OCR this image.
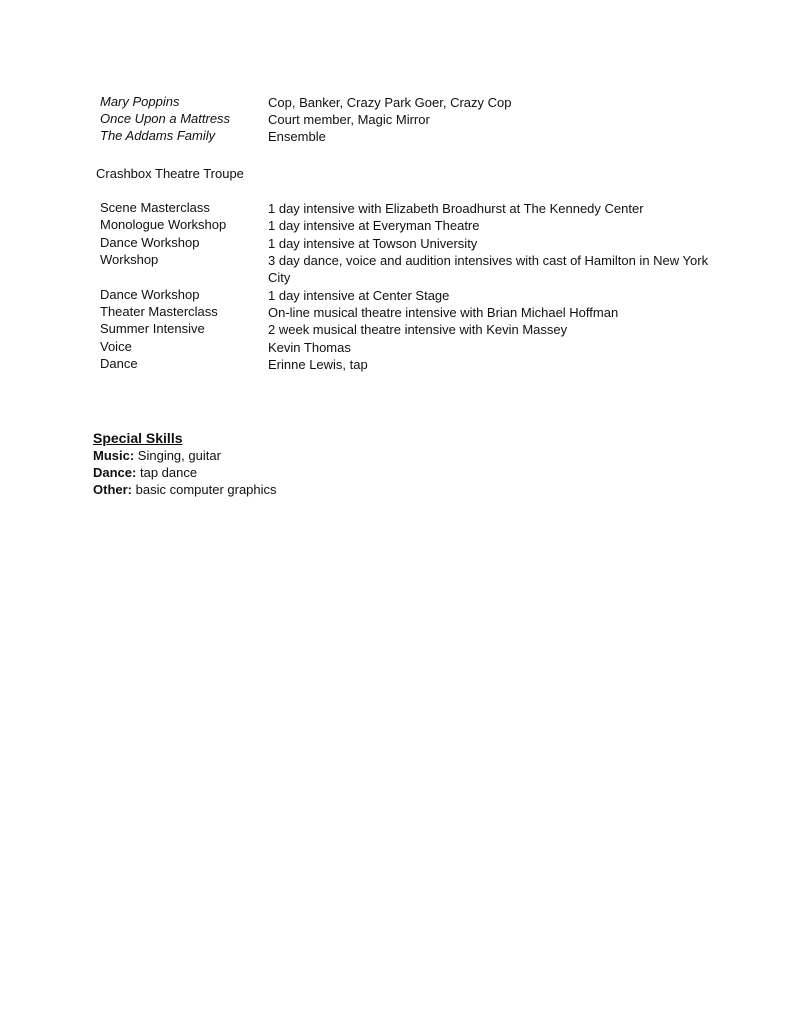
Mary Poppins	Cop, Banker, Crazy Park Goer, Crazy Cop
Once Upon a Mattress	Court member, Magic Mirror
The Addams Family	Ensemble
Crashbox Theatre Troupe
Scene Masterclass	1 day intensive with Elizabeth Broadhurst at The Kennedy Center
Monologue Workshop	1 day intensive at Everyman Theatre
Dance Workshop	1 day intensive at Towson University
Workshop	3 day dance, voice and audition intensives with cast of Hamilton in New York City
Dance Workshop	1 day intensive at Center Stage
Theater Masterclass	On-line musical theatre intensive with Brian Michael Hoffman
Summer Intensive	2 week musical theatre intensive with Kevin Massey
Voice	Kevin Thomas
Dance	Erinne Lewis, tap
Special Skills
Music: Singing, guitar
Dance: tap dance
Other: basic computer graphics
